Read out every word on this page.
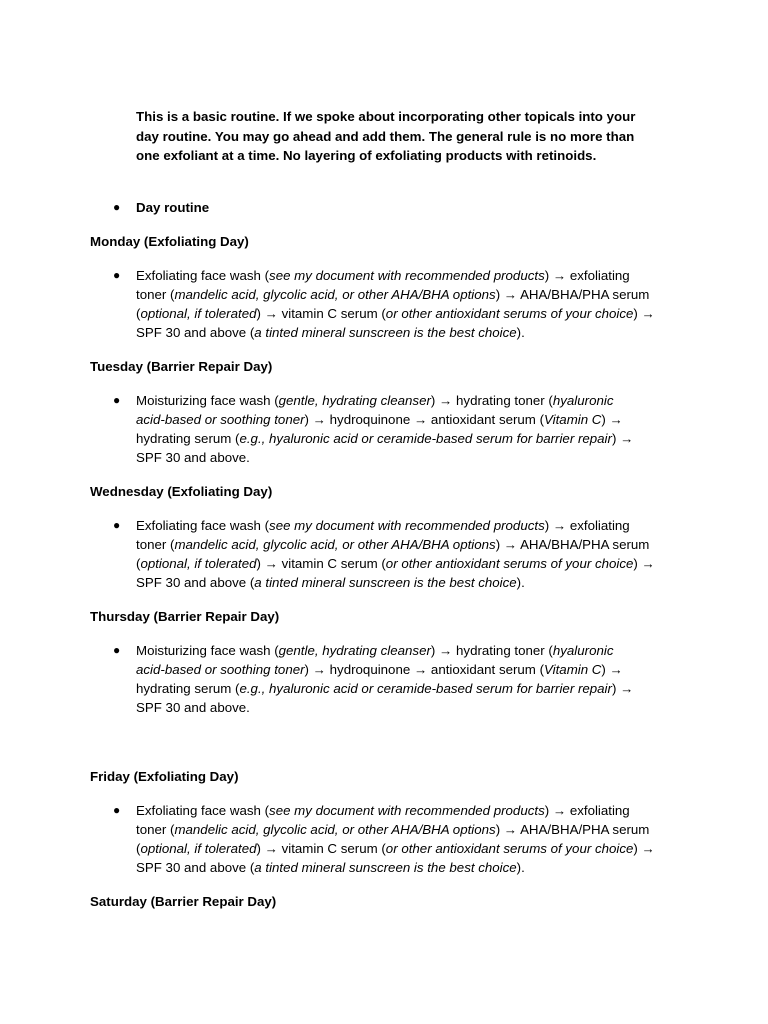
This is a basic routine. If we spoke about incorporating other topicals into your
day routine. You may go ahead and add them. The general rule is no more than
one exfoliant at a time. No layering of exfoliating products with retinoids.
● Day routine
Monday (Exfoliating Day)
● Exfoliating face wash (see my document with recommended products) → exfoliating
toner (mandelic acid, glycolic acid, or other AHA/BHA options) → AHA/BHA/PHA serum
(optional, if tolerated) → vitamin C serum (or other antioxidant serums of your choice) →
SPF 30 and above (a tinted mineral sunscreen is the best choice).
Tuesday (Barrier Repair Day)
● Moisturizing face wash (gentle, hydrating cleanser) → hydrating toner (hyaluronic
acid-based or soothing toner) → hydroquinone → antioxidant serum (Vitamin C) →
hydrating serum (e.g., hyaluronic acid or ceramide-based serum for barrier repair) →
SPF 30 and above.
Wednesday (Exfoliating Day)
● Exfoliating face wash (see my document with recommended products) → exfoliating
toner (mandelic acid, glycolic acid, or other AHA/BHA options) → AHA/BHA/PHA serum
(optional, if tolerated) → vitamin C serum (or other antioxidant serums of your choice) →
SPF 30 and above (a tinted mineral sunscreen is the best choice).
Thursday (Barrier Repair Day)
● Moisturizing face wash (gentle, hydrating cleanser) → hydrating toner (hyaluronic
acid-based or soothing toner) → hydroquinone → antioxidant serum (Vitamin C) →
hydrating serum (e.g., hyaluronic acid or ceramide-based serum for barrier repair) →
SPF 30 and above.
Friday (Exfoliating Day)
● Exfoliating face wash (see my document with recommended products) → exfoliating
toner (mandelic acid, glycolic acid, or other AHA/BHA options) → AHA/BHA/PHA serum
(optional, if tolerated) → vitamin C serum (or other antioxidant serums of your choice) →
SPF 30 and above (a tinted mineral sunscreen is the best choice).
Saturday (Barrier Repair Day)
